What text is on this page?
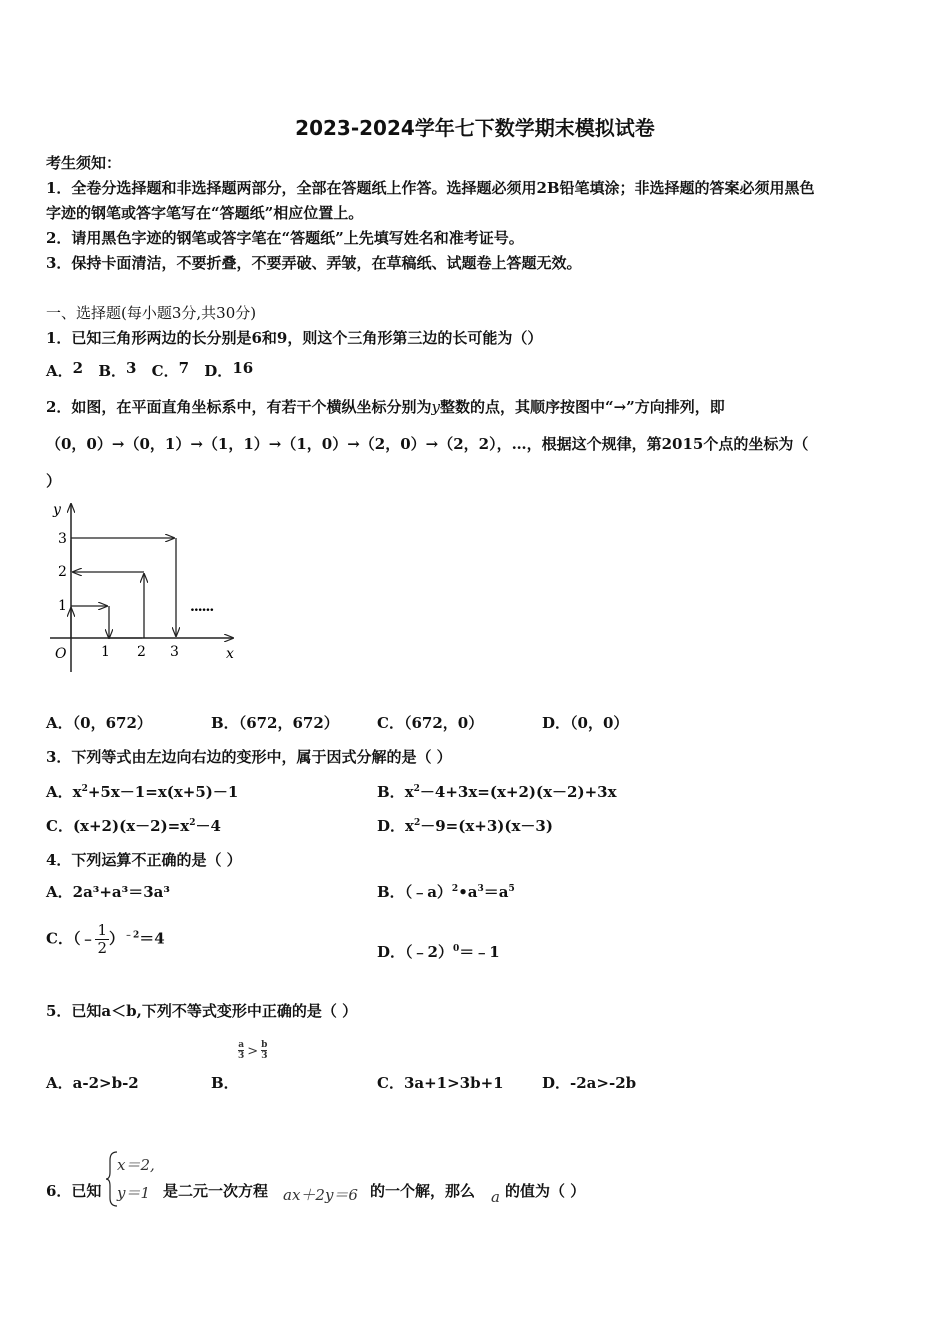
2023-2024学年七下数学期末模拟试卷
考生须知：
1．全卷分选择题和非选择题两部分，全部在答题纸上作答。选择题必须用2B铅笔填涂；非选择题的答案必须用黑色
字迹的钢笔或答字笔写在“答题纸”相应位置上。
2．请用黑色字迹的钢笔或答字笔在“答题纸”上先填写姓名和准考证号。
3．保持卡面清洁，不要折叠，不要弄破、弄皱，在草稿纸、试题卷上答题无效。
一、选择题(每小题3分,共30分)
1．已知三角形两边的长分别是6和9，则这个三角形第三边的长可能为（）
A．2 B．3 C．7 D．16
2．如图，在平面直角坐标系中，有若干个横纵坐标分别为y整数的点，其顺序按图中“→”方向排列，即
（0，0）→（0，1）→（1，1）→（1，0）→（2，0）→（2，2），…，根据这个规律，第2015个点的坐标为（
）
y
x
O
1
2
3
1 2 3
......
A．（0，672）	B．（672，672）	C．（672，0）	D．（0，0）
3．下列等式由左边向右边的变形中，属于因式分解的是（ ）
A．$x^2+5x-1=x(x+5)-1$	B．$x^2-4+3x=(x+2)(x-2)+3x$
C．$(x+2)(x-2)=x^2-4$	D．$x^2-9=(x+3)(x-3)$
4．下列运算不正确的是（ ）
A．2a³+a³＝3a³	B．$(﹣a)^2•a^3=a^5$
C．（﹣ $\frac{1}{2} )^{﹣2}=4$
D．（﹣2）$^0$＝﹣1
5．已知a＜b,下列不等式变形中正确的是（ ）
$\frac{a}{3} > \frac{b}{3}$
A．a-2>b-2	B．	C．3a+1>3b+1	D．-2a>-2b
6．已知
x＝2,
y＝1 是二元一次方程 ax＋2y＝6 的一个解，那么 a 的值为（ ）
